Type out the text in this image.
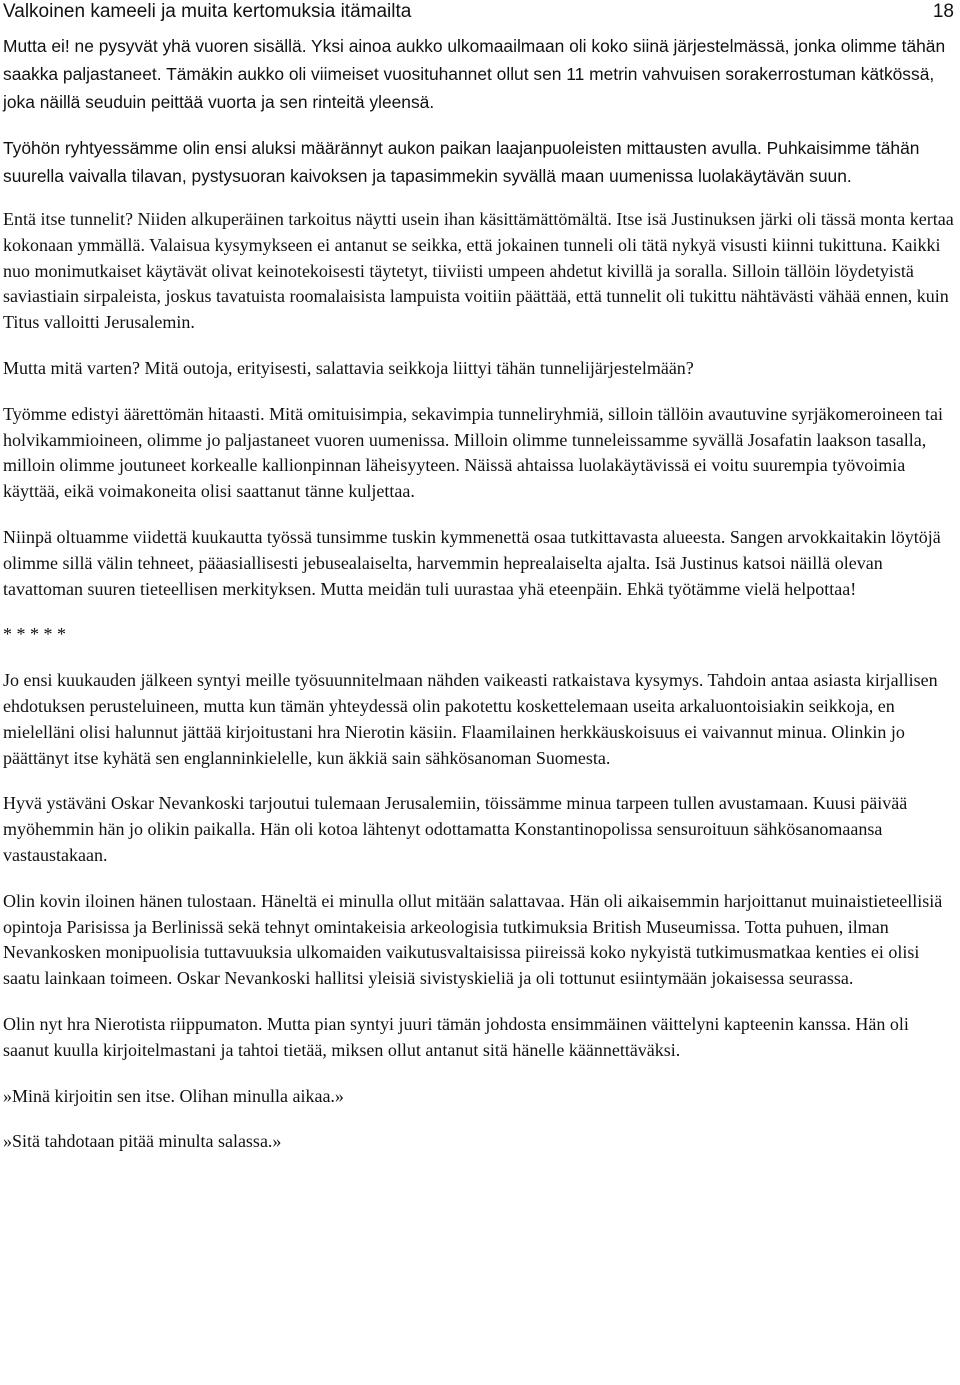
Valkoinen kameeli ja muita kertomuksia itämailta	18

Mutta ei! ne pysyvät yhä vuoren sisällä. Yksi ainoa aukko ulkomaailmaan oli koko siinä järjestelmässä, jonka olimme tähän saakka paljastaneet. Tämäkin aukko oli viimeiset vuosituhannet ollut sen 11 metrin vahvuisen sorakerrostuman kätkössä, joka näillä seuduin peittää vuorta ja sen rinteitä yleensä.

Työhön ryhtyessämme olin ensi aluksi määrännyt aukon paikan laajanpuoleisten mittausten avulla. Puhkaisimme tähän suurella vaivalla tilavan, pystysuoran kaivoksen ja tapasimmekin syvällä maan uumenissa luolakäytävän suun.

Entä itse tunnelit? Niiden alkuperäinen tarkoitus näytti usein ihan käsittämättömältä. Itse isä Justinuksen järki oli tässä monta kertaa kokonaan ymmällä. Valaisua kysymykseen ei antanut se seikka, että jokainen tunneli oli tätä nykyä visusti kiinni tukittuna. Kaikki nuo monimutkaiset käytävät olivat keinotekoisesti täytetyt, tiiviisti umpeen ahdetut kivillä ja soralla. Silloin tällöin löydetyistä saviastiain sirpaleista, joskus tavatuista roomalaisista lampuista voitiin päättää, että tunnelit oli tukittu nähtävästi vähää ennen, kuin Titus valloitti Jerusalemin.

Mutta mitä varten? Mitä outoja, erityisesti, salattavia seikkoja liittyi tähän tunnelijärjestelmään?

Työmme edistyi äärettömän hitaasti. Mitä omituisimpia, sekavimpia tunneliryhmiä, silloin tällöin avautuvine syrjäkomeroineen tai holvikammioineen, olimme jo paljastaneet vuoren uumenissa. Milloin olimme tunneleissamme syvällä Josafatin laakson tasalla, milloin olimme joutuneet korkealle kallionpinnan läheisyyteen. Näissä ahtaissa luolakäytävissä ei voitu suurempia työvoimia käyttää, eikä voimakoneita olisi saattanut tänne kuljettaa.

Niinpä oltuamme viidettä kuukautta työssä tunsimme tuskin kymmenettä osaa tutkittavasta alueesta. Sangen arvokkaitakin löytöjä olimme sillä välin tehneet, pääasiallisesti jebusealaiselta, harvemmin heprealaiselta ajalta. Isä Justinus katsoi näillä olevan tavattoman suuren tieteellisen merkityksen. Mutta meidän tuli uurastaa yhä eteenpäin. Ehkä työtämme vielä helpottaa!

* * * * *

Jo ensi kuukauden jälkeen syntyi meille työsuunnitelmaan nähden vaikeasti ratkaistava kysymys. Tahdoin antaa asiasta kirjallisen ehdotuksen perusteluineen, mutta kun tämän yhteydessä olin pakotettu koskettelemaan useita arkaluontoisiakin seikkoja, en mielelläni olisi halunnut jättää kirjoitustani hra Nierotin käsiin. Flaamilainen herkkäuskoisuus ei vaivannut minua. Olinkin jo päättänyt itse kyhätä sen englanninkielelle, kun äkkiä sain sähkösanoman Suomesta.

Hyvä ystäväni Oskar Nevankoski tarjoutui tulemaan Jerusalemiin, töissämme minua tarpeen tullen avustamaan. Kuusi päivää myöhemmin hän jo olikin paikalla. Hän oli kotoa lähtenyt odottamatta Konstantinopolissa sensuroituun sähkösanomaansa vastaustakaan.

Olin kovin iloinen hänen tulostaan. Häneltä ei minulla ollut mitään salattavaa. Hän oli aikaisemmin harjoittanut muinaistieteellisiä opintoja Parisissa ja Berlinissä sekä tehnyt omintakeisia arkeologisia tutkimuksia British Museumissa. Totta puhuen, ilman Nevankosken monipuolisia tuttavuuksia ulkomaiden vaikutusvaltaisissa piireissä koko nykyistä tutkimusmatkaa kenties ei olisi saatu lainkaan toimeen. Oskar Nevankoski hallitsi yleisiä sivistyskieliä ja oli tottunut esiintymään jokaisessa seurassa.

Olin nyt hra Nierotista riippumaton. Mutta pian syntyi juuri tämän johdosta ensimmäinen väittelyni kapteenin kanssa. Hän oli saanut kuulla kirjoitelmastani ja tahtoi tietää, miksen ollut antanut sitä hänelle käännettäväksi.

»Minä kirjoitin sen itse. Olihan minulla aikaa.»

»Sitä tahdotaan pitää minulta salassa.»
